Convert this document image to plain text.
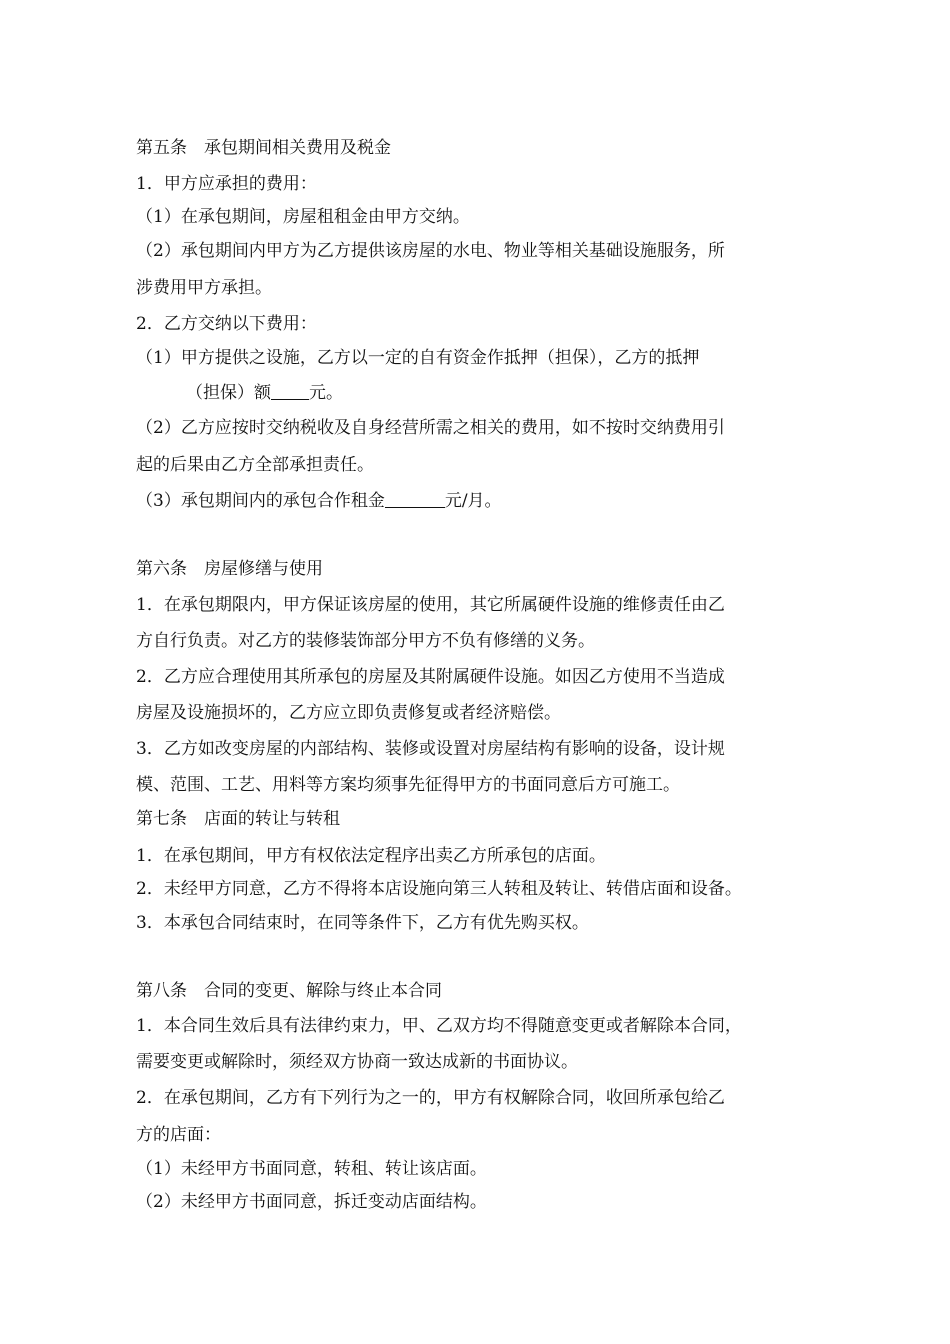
第五条　承包期间相关费用及税金
1．甲方应承担的费用：
（1）在承包期间，房屋租租金由甲方交纳。
（2）承包期间内甲方为乙方提供该房屋的水电、物业等相关基础设施服务，所
涉费用甲方承担。
2．乙方交纳以下费用：
（1）甲方提供之设施，乙方以一定的自有资金作抵押（担保），乙方的抵押
（担保）额 元。
（2）乙方应按时交纳税收及自身经营所需之相关的费用，如不按时交纳费用引
起的后果由乙方全部承担责任。
（3）承包期间内的承包合作租金	元/月。
第六条　房屋修缮与使用
1．在承包期限内，甲方保证该房屋的使用，其它所属硬件设施的维修责任由乙
方自行负责。对乙方的装修装饰部分甲方不负有修缮的义务。
2．乙方应合理使用其所承包的房屋及其附属硬件设施。如因乙方使用不当造成
房屋及设施损坏的，乙方应立即负责修复或者经济赔偿。
3．乙方如改变房屋的内部结构、装修或设置对房屋结构有影响的设备，设计规
模、范围、工艺、用料等方案均须事先征得甲方的书面同意后方可施工。
第七条　店面的转让与转租
1．在承包期间，甲方有权依法定程序出卖乙方所承包的店面。
2．未经甲方同意，乙方不得将本店设施向第三人转租及转让、转借店面和设备。
3．本承包合同结束时，在同等条件下，乙方有优先购买权。
第八条　合同的变更、解除与终止本合同
1．本合同生效后具有法律约束力，甲、乙双方均不得随意变更或者解除本合同，
需要变更或解除时，须经双方协商一致达成新的书面协议。
2．在承包期间，乙方有下列行为之一的，甲方有权解除合同，收回所承包给乙
方的店面：
（1）未经甲方书面同意，转租、转让该店面。
（2）未经甲方书面同意，拆迁变动店面结构。
